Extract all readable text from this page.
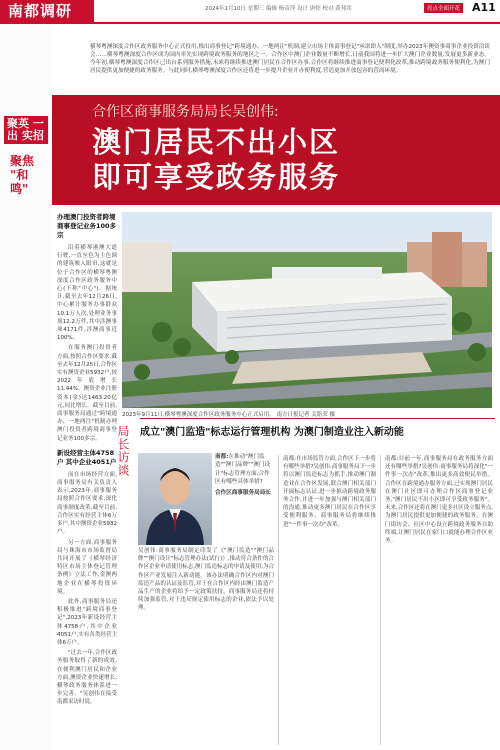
南都调研	2024年1月10日 星期三 编辑 杨帝萍 设计 唐婷 校对 黄邦宾	亮点全面开花 A11
横琴粤澳深度合作区政务服务中心正式投用,推出商事登记"跨境通办、一地两注"机制,建立市场主体商事登记"承诺即入"制度,举办2023年澳资事商事企业投资洽谈会……横琴粤澳深度合作区成为国内率先实现跨境政务服务的地区之一。合作区中澳门企业数量不断增长,日前我国将进一步扩大澳门企业数量,发展更多新业态。今年初,横琴粤澳深度合作区已出台系列服务措施,未来将继续推进澳门居民在合作区办事,合作区将继续推进商事登记便利化改革,推动跨境政务服务便利化,为澳门居民提供更加便捷的政务服务。与此同时,横琴粤澳深度合作区还将进一步提升企业开办便利度,营造更加开放包容的营商环境。
聚英 一出 实招
聚焦 "和鸣"
合作区商事服务局局长吴创伟:
澳门居民不出小区
即可享受政务服务
办理澳门投资者跨境商事登记业务100多宗
沿着横琴港澳大道行驶,一直至色为主色调的建筑映入眼帘,这就是位于合作区的横琴粤澳深度合作区政务服务中心(下称"中心")。据统计,截至去年12月26日,中心累计服务办事群众10.1万人次,处理业务事项12.2万件,其中涉澳事项4171件,涉澳商事近100%。
在服务澳门投资者方面,按照合作区要求,截至去年12月25日,合作区实有澳资企业5932户,较2022年底增长11.44%。澳资企业注册资本(金)达1463.20亿元,同比增长。截至目前,商事服务局通过"跨境通办、一地两注"机制办理澳门投资者跨境商事登记业务100多宗。
新设经营主体4758户 其中企业4051户
而在市场经营方面,商事服务局有关负责人表示,2023年,商事服务局按照合作区要求,深化商事制度改革,截至目前,合作区实有经营主体6万多户,其中澳资企业5932户。
另一方面,商事服务局与珠海市市场监督局共同开展了《横琴经济特区市场主体登记管理条例》立法工作,金澳两地企业在横琴投资环境。
此外,商事服务局还积极推进"跨境商事登记",2023年新设经营主体4758户,其中企业4051户,实有各类经营主体6万户。
"过去一年,合作区政务服务取得了新的成效,在便利澳门居民和企业方面,澳资企业快速增长,横琴政务服务体系进一步完善。"吴创伟在接受南都采访时说。
2023年9月11日,横琴粤澳深度合作区政务服务中心正式启用。 南方日报记者 关铭荣 摄
局长访谈 成立"澳门监造"标志运行管理机构 为澳门制造业注入新动能
南都:在推动"澳门监造""澳门品牌""澳门设计"标志管理方面,合作区有哪些具体举措?
合作区商事服务局局长
吴创伟:商事服务局制定印发了《"澳门监造""澳门品牌""澳门设计"标志管理办法(试行)》,推动符合条件的合作区企业申请使用标志,澳门监造标志的申请及使用,为合作区产业发展注入新动能。该办法明确合作区内对澳门监造产品的认证及监管,对于在合作区内经由澳门监造产品生产的企业将给予一定政策扶持。商事服务局还将持续加强监管,对于违反规定使用标志的企业,依法予以处理。
南都:在市场监管方面,合作区下一步将有哪些举措?吴创伟:商事服务局下一步将以澳门监造标志为抓手,推动澳门制造业在合作区发展,联合澳门相关部门开展标志认证,进一步推动跨境政务服务合作,并进一步加强与澳门相关部门的沟通,推动更多澳门居民在合作区享受便利服务。商事服务局将继续推进"一件事一次办"改革。
南都:目前一年,商事服务局在政务服务方面还有哪些举措?吴创伟:商事服务局将深化"一件事一次办"改革,推出更多高效便民举措。合作区在跨境通办服务方面,已实现澳门居民在澳门社区即可办理合作区商事登记业务,"澳门居民不出小区即可享受政务服务"。未来,合作区还将在澳门更多社区设立服务点,为澳门居民提供更加便捷的政务服务。在澳门街坊会、社区中心设立跨境政务服务自助终端,让澳门居民在家门口就能办理合作区业务。
